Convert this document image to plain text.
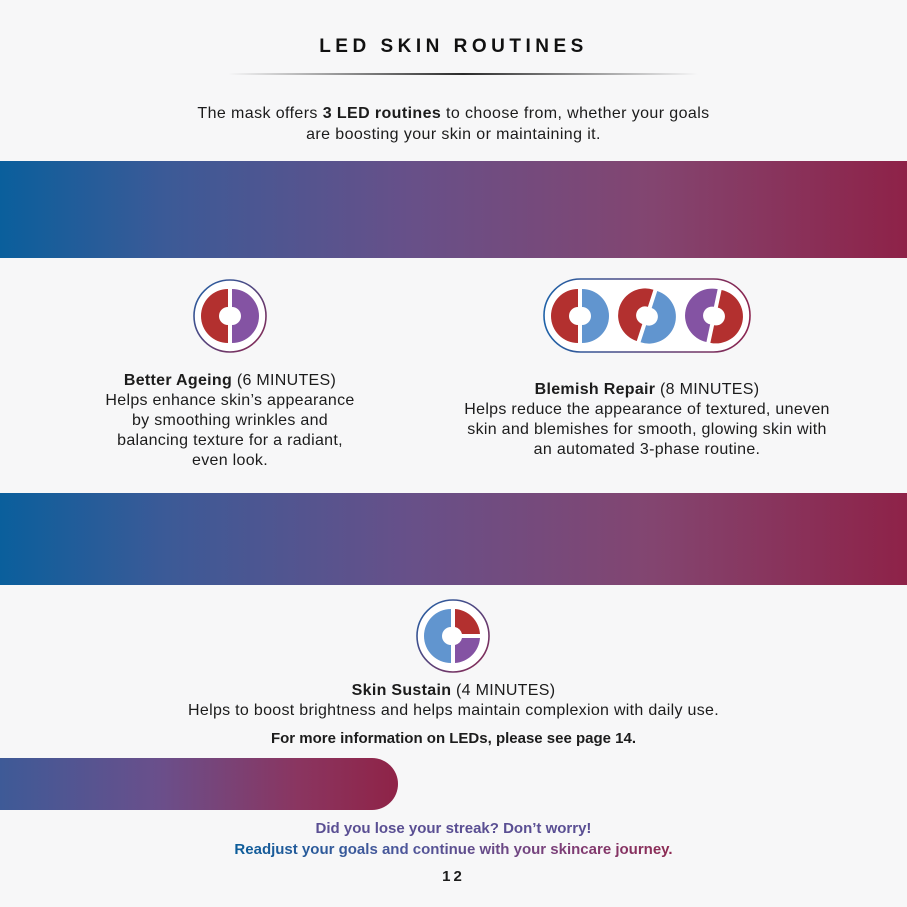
LED SKIN ROUTINES
The mask offers 3 LED routines to choose from, whether your goals
are boosting your skin or maintaining it.
Better Ageing (6 MINUTES)
Helps enhance skin’s appearance
by smoothing wrinkles and
balancing texture for a radiant,
even look.
Blemish Repair (8 MINUTES)
Helps reduce the appearance of textured, uneven
skin and blemishes for smooth, glowing skin with
an automated 3-phase routine.
Skin Sustain (4 MINUTES)
Helps to boost brightness and helps maintain complexion with daily use.
For more information on LEDs, please see page 14.
Did you lose your streak? Don’t worry!
Readjust your goals and continue with your skincare journey.
12
